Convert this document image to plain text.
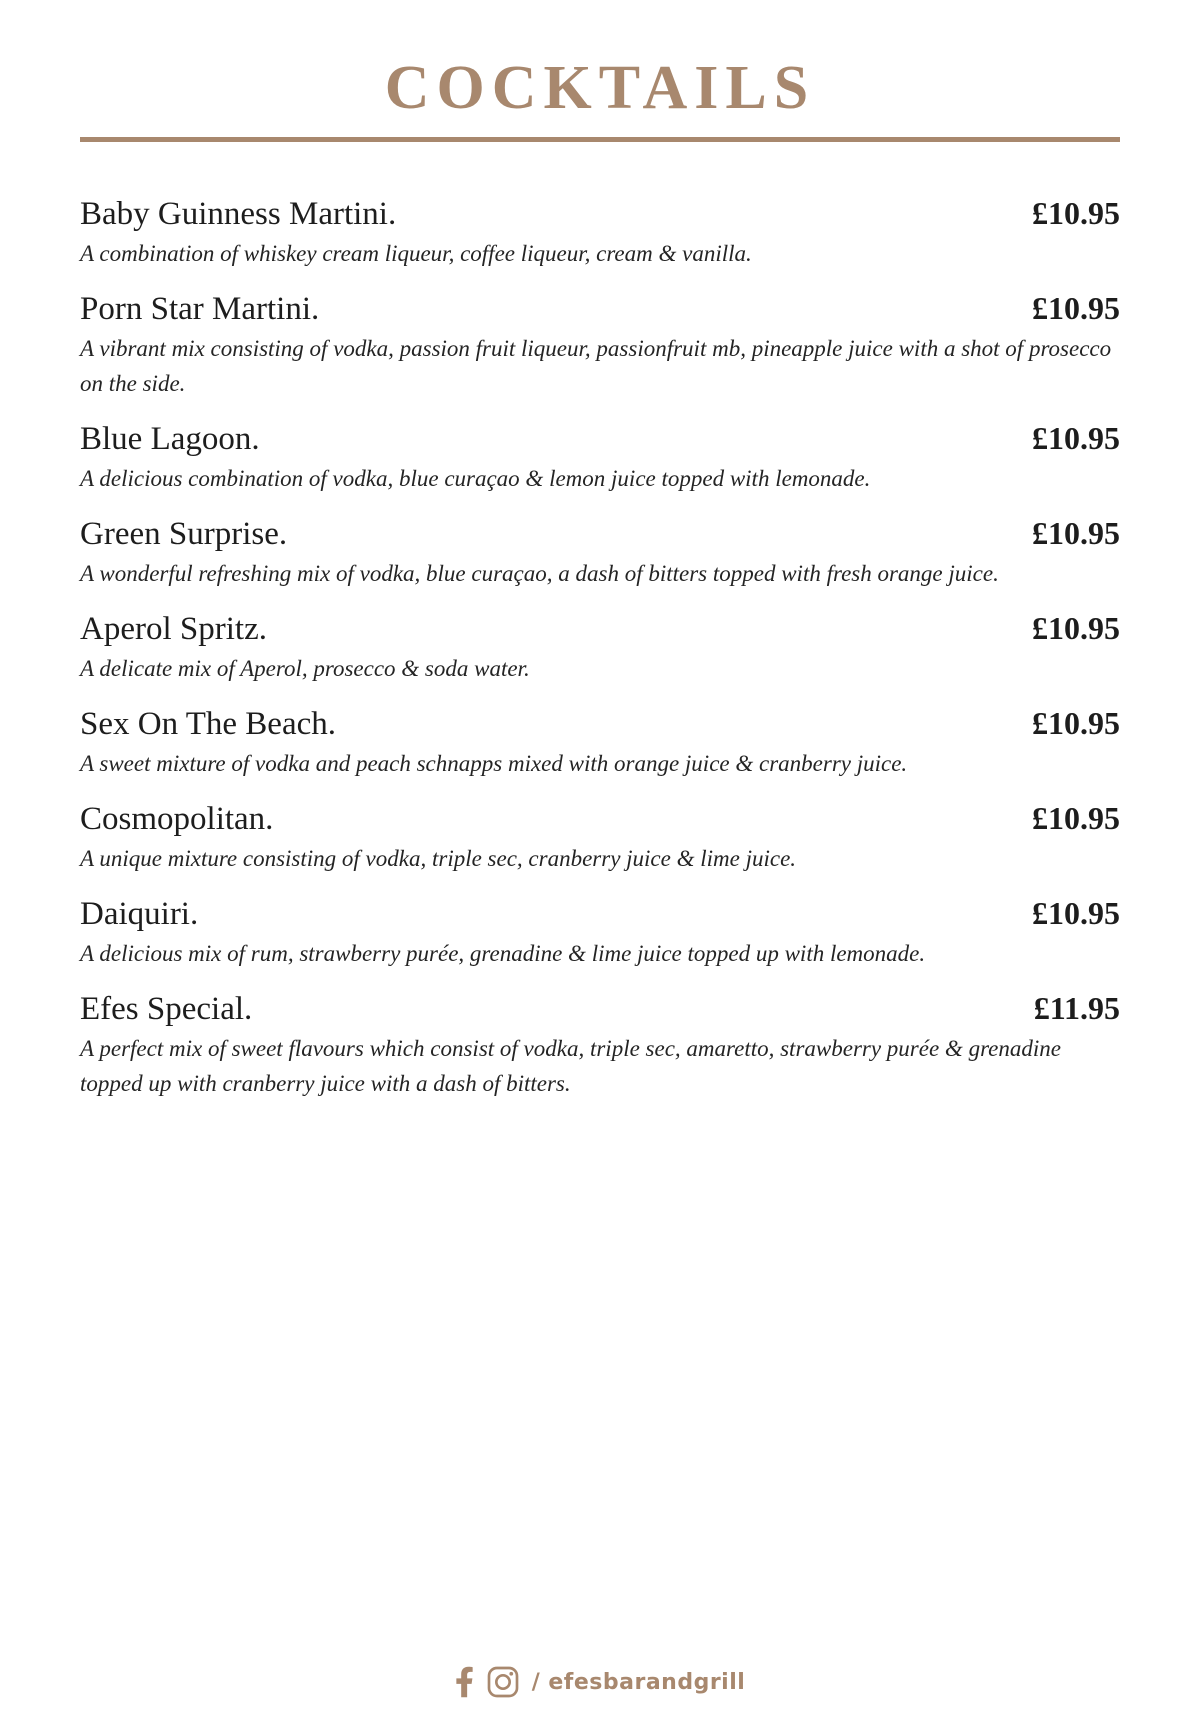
COCKTAILS
Baby Guinness Martini.	£10.95
A combination of whiskey cream liqueur, coffee liqueur, cream & vanilla.
Porn Star Martini.	£10.95
A vibrant mix consisting of vodka, passion fruit liqueur, passionfruit mb, pineapple juice with a shot of prosecco on the side.
Blue Lagoon.	£10.95
A delicious combination of vodka, blue curaçao & lemon juice topped with lemonade.
Green Surprise.	£10.95
A wonderful refreshing mix of vodka, blue curaçao, a dash of bitters topped with fresh orange juice.
Aperol Spritz.	£10.95
A delicate mix of Aperol, prosecco & soda water.
Sex On The Beach.	£10.95
A sweet mixture of vodka and peach schnapps mixed with orange juice & cranberry juice.
Cosmopolitan.	£10.95
A unique mixture consisting of vodka, triple sec, cranberry juice & lime juice.
Daiquiri.	£10.95
A delicious mix of rum, strawberry purée, grenadine & lime juice topped up with lemonade.
Efes Special.	£11.95
A perfect mix of sweet flavours which consist of vodka, triple sec, amaretto, strawberry purée & grenadine topped up with cranberry juice with a dash of bitters.
/ efesbarandgrill
